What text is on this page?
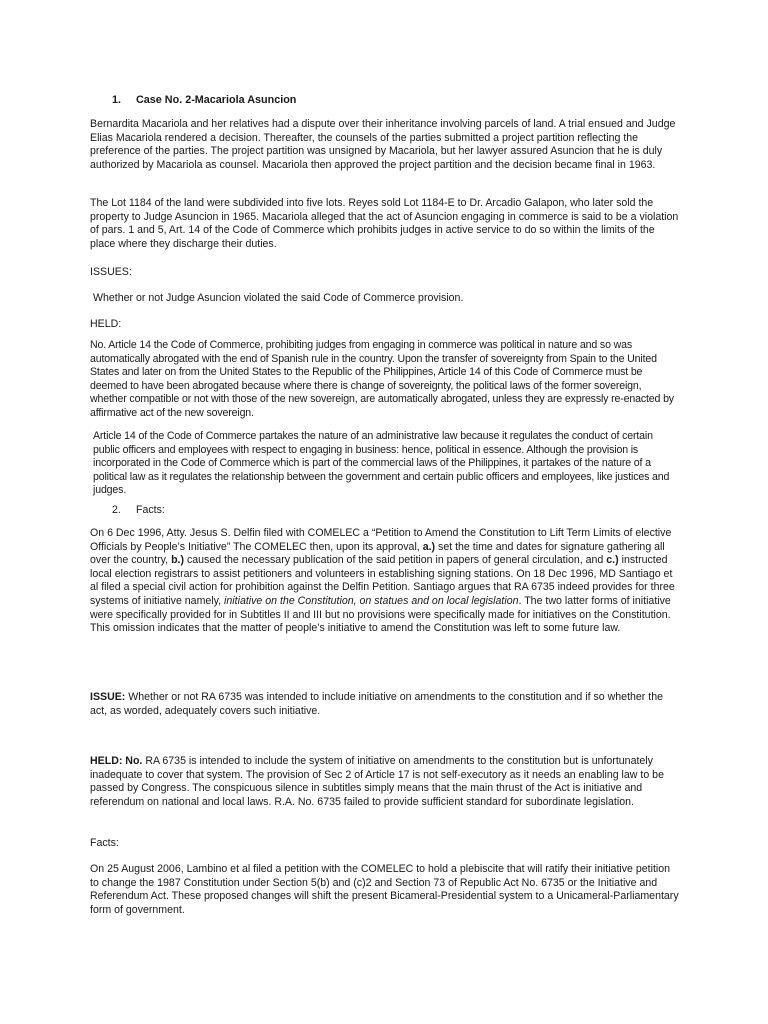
1. Case No. 2-Macariola Asuncion

Bernardita Macariola and her relatives had a dispute over their inheritance involving parcels of land. A trial ensued and Judge Elias Macariola rendered a decision. Thereafter, the counsels of the parties submitted a project partition reflecting the preference of the parties. The project partition was unsigned by Macariola, but her lawyer assured Asuncion that he is duly authorized by Macariola as counsel. Macariola then approved the project partition and the decision became final in 1963.

The Lot 1184 of the land were subdivided into five lots. Reyes sold Lot 1184-E to Dr. Arcadio Galapon, who later sold the property to Judge Asuncion in 1965. Macariola alleged that the act of Asuncion engaging in commerce is said to be a violation of pars. 1 and 5, Art. 14 of the Code of Commerce which prohibits judges in active service to do so within the limits of the place where they discharge their duties.

ISSUES:

Whether or not Judge Asuncion violated the said Code of Commerce provision.

HELD:

No. Article 14 the Code of Commerce, prohibiting judges from engaging in commerce was political in nature and so was automatically abrogated with the end of Spanish rule in the country. Upon the transfer of sovereignty from Spain to the United States and later on from the United States to the Republic of the Philippines, Article 14 of this Code of Commerce must be deemed to have been abrogated because where there is change of sovereignty, the political laws of the former sovereign, whether compatible or not with those of the new sovereign, are automatically abrogated, unless they are expressly re-enacted by affirmative act of the new sovereign.

Article 14 of the Code of Commerce partakes the nature of an administrative law because it regulates the conduct of certain public officers and employees with respect to engaging in business: hence, political in essence. Although the provision is incorporated in the Code of Commerce which is part of the commercial laws of the Philippines, it partakes of the nature of a political law as it regulates the relationship between the government and certain public officers and employees, like justices and judges.

2. Facts:

On 6 Dec 1996, Atty. Jesus S. Delfin filed with COMELEC a “Petition to Amend the Constitution to Lift Term Limits of elective Officials by People’s Initiative” The COMELEC then, upon its approval, a.) set the time and dates for signature gathering all over the country, b.) caused the necessary publication of the said petition in papers of general circulation, and c.) instructed local election registrars to assist petitioners and volunteers in establishing signing stations. On 18 Dec 1996, MD Santiago et al filed a special civil action for prohibition against the Delfin Petition. Santiago argues that RA 6735 indeed provides for three systems of initiative namely, initiative on the Constitution, on statues and on local legislation. The two latter forms of initiative were specifically provided for in Subtitles II and III but no provisions were specifically made for initiatives on the Constitution. This omission indicates that the matter of people’s initiative to amend the Constitution was left to some future law.

ISSUE: Whether or not RA 6735 was intended to include initiative on amendments to the constitution and if so whether the act, as worded, adequately covers such initiative.

HELD: No. RA 6735 is intended to include the system of initiative on amendments to the constitution but is unfortunately inadequate to cover that system. The provision of Sec 2 of Article 17 is not self-executory as it needs an enabling law to be passed by Congress. The conspicuous silence in subtitles simply means that the main thrust of the Act is initiative and referendum on national and local laws. R.A. No. 6735 failed to provide sufficient standard for subordinate legislation.

Facts:

On 25 August 2006, Lambino et al filed a petition with the COMELEC to hold a plebiscite that will ratify their initiative petition to change the 1987 Constitution under Section 5(b) and (c)2 and Section 73 of Republic Act No. 6735 or the Initiative and Referendum Act. These proposed changes will shift the present Bicameral-Presidential system to a Unicameral-Parliamentary form of government.
